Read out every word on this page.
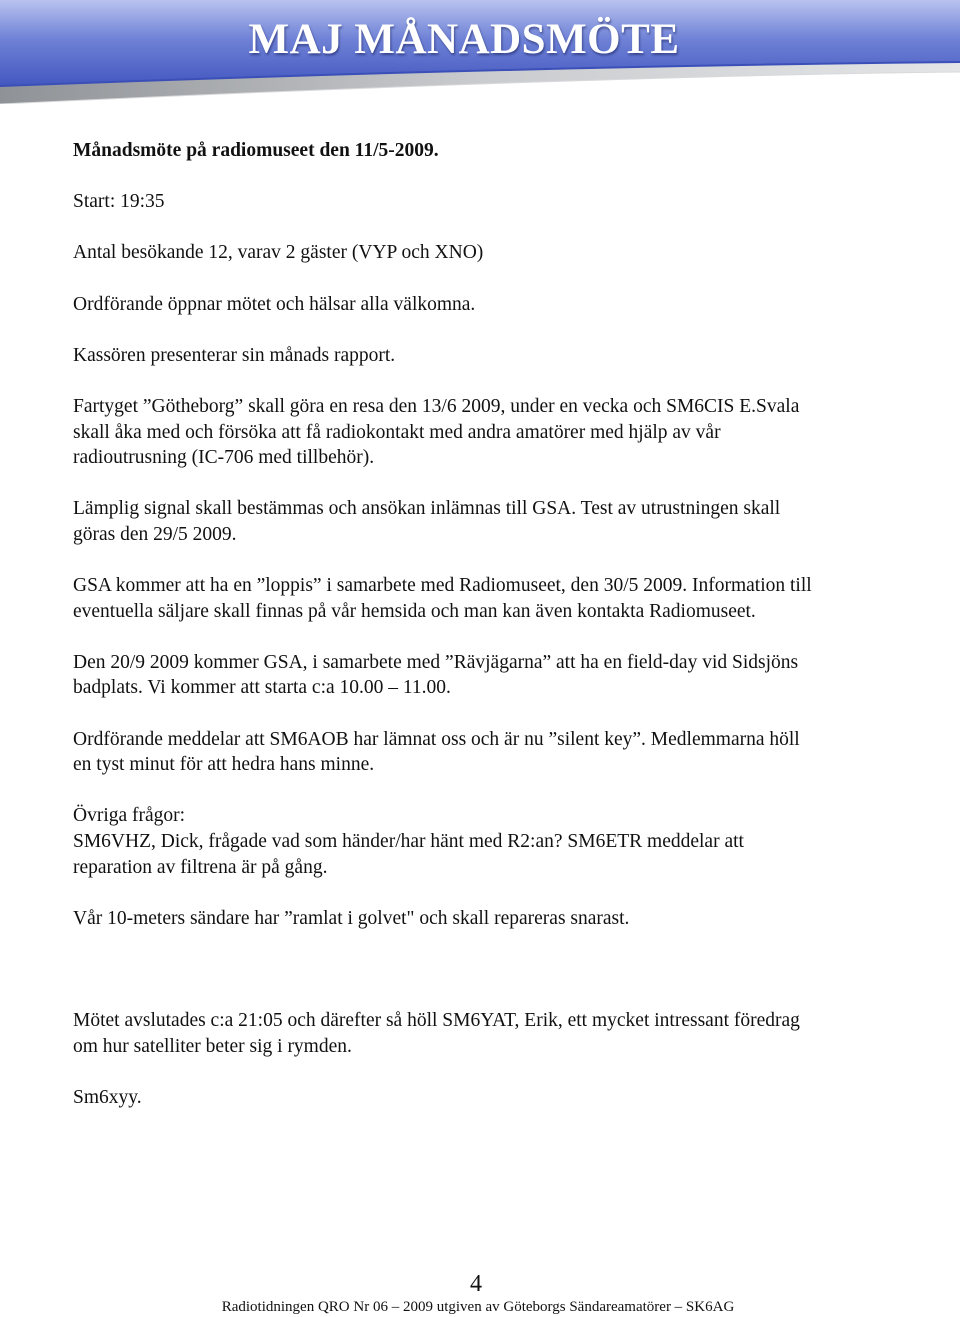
MAJ MÅNADSMÖTE

Månadsmöte på radiomuseet den 11/5-2009.

Start: 19:35

Antal besökande 12, varav 2 gäster (VYP och XNO)

Ordförande öppnar mötet och hälsar alla välkomna.

Kassören presenterar sin månads rapport.

Fartyget ”Götheborg” skall göra en resa den 13/6 2009, under en vecka och SM6CIS E.Svala
skall åka med och försöka att få radiokontakt med andra amatörer med hjälp av vår
radioutrusning (IC-706 med tillbehör).

Lämplig signal skall bestämmas och ansökan inlämnas till GSA. Test av utrustningen skall
göras den 29/5 2009.

GSA kommer att ha en ”loppis” i samarbete med Radiomuseet, den 30/5 2009. Information till
eventuella säljare skall finnas på vår hemsida och man kan även kontakta Radiomuseet.

Den 20/9 2009 kommer GSA, i samarbete med ”Rävjägarna” att ha en field-day vid Sidsjöns
badplats. Vi kommer att starta c:a 10.00 – 11.00.

Ordförande meddelar att SM6AOB har lämnat oss och är nu ”silent key”. Medlemmarna höll
en tyst minut för att hedra hans minne.

Övriga frågor:
SM6VHZ, Dick, frågade vad som händer/har hänt med R2:an? SM6ETR meddelar att
reparation av filtrena är på gång.

Vår 10-meters sändare har ”ramlat i golvet" och skall repareras snarast.

Mötet avslutades c:a 21:05 och därefter så höll SM6YAT, Erik, ett mycket intressant föredrag
om hur satelliter beter sig i rymden.

Sm6xyy.

4
Radiotidningen QRO Nr 06 – 2009 utgiven av Göteborgs Sändareamatörer – SK6AG
